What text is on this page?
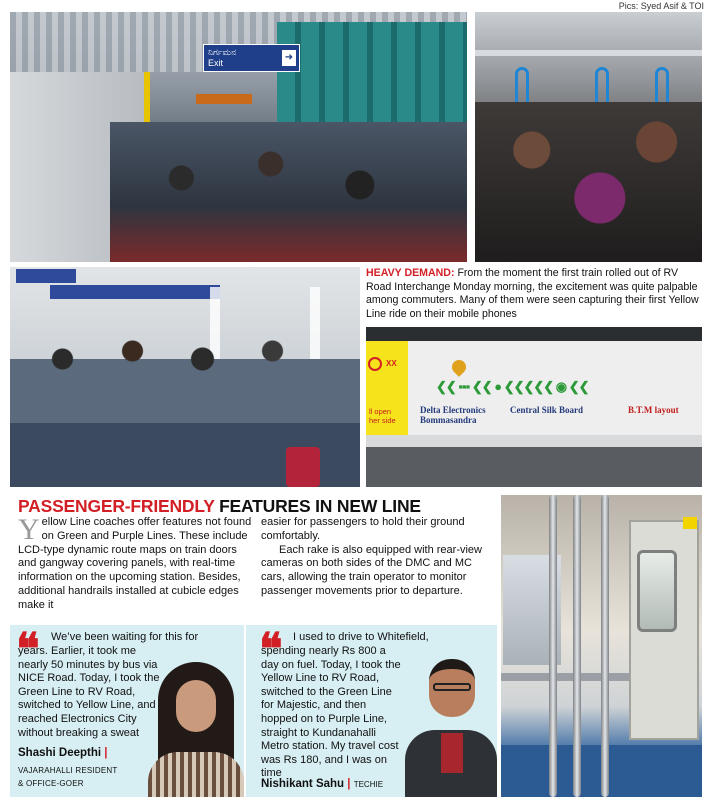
Pics: Syed Asif & TOI
ನಿರ್ಗಮನ
Exit	➜
HEAVY DEMAND: From the moment the first train rolled out of RV Road Interchange Monday morning, the excitement was quite palpable among commuters. Many of them were seen capturing their first Yellow Line ride on their mobile phones
XX
ll open
her side
❮❮ ▪▪▪ ❮❮ ● ❮❮❮❮❮ ◉ ❮❮
Delta Electronics
Bommasandra
Central Silk Board	B.T.M layout
PASSENGER-FRIENDLY FEATURES IN NEW LINE
Yellow Line coaches offer features not found on Green and Purple Lines. These include LCD-type dynamic route maps on train doors and gangway covering panels, with real-time information on the upcoming station. Besides, additional handrails installed at cubicle edges make it
easier for passengers to hold their ground comfortably.
Each rake is also equipped with rear-view cameras on both sides of the DMC and MC cars, allowing the train operator to monitor passenger movements prior to departure.
❝ We’ve been waiting for this for
years. Earlier, it took me nearly 50 minutes by bus via NICE Road. Today, I took the Green Line to RV Road, switched to Yellow Line, and reached Electronics City without breaking a sweat
Shashi Deepthi |
VAJARAHALLI RESIDENT
& OFFICE-GOER
❝ I used to drive to Whitefield,
spending nearly Rs 800 a day on fuel. Today, I took the Yellow Line to RV Road, switched to the Green Line for Majestic, and then hopped on to Purple Line, straight to Kundanahalli Metro station. My travel cost was Rs 180, and I was on time
Nishikant Sahu | TECHIE
